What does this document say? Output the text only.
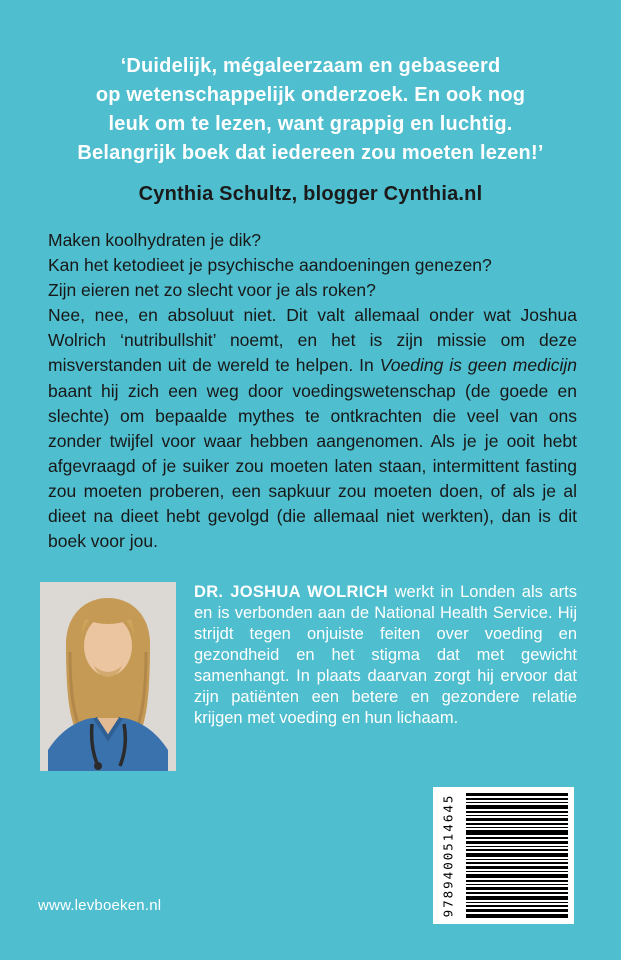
‘Duidelijk, mégaleerzaam en gebaseerd
op wetenschappelijk onderzoek. En ook nog
leuk om te lezen, want grappig en luchtig.
Belangrijk boek dat iedereen zou moeten lezen!’
Cynthia Schultz, blogger Cynthia.nl
Maken koolhydraten je dik?
Kan het ketodieet je psychische aandoeningen genezen?
Zijn eieren net zo slecht voor je als roken?
Nee, nee, en absoluut niet. Dit valt allemaal onder wat Joshua Wolrich ‘nutribullshit’ noemt, en het is zijn missie om deze misverstanden uit de wereld te helpen. In Voeding is geen medicijn baant hij zich een weg door voedingswetenschap (de goede en slechte) om bepaalde mythes te ontkrachten die veel van ons zonder twijfel voor waar hebben aangenomen. Als je je ooit hebt afgevraagd of je suiker zou moeten laten staan, intermittent fasting zou moeten proberen, een sapkuur zou moeten doen, of als je al dieet na dieet hebt gevolgd (die allemaal niet werkten), dan is dit boek voor jou.
DR. JOSHUA WOLRICH werkt in Londen als arts en is verbonden aan de National Health Service. Hij strijdt tegen onjuiste feiten over voeding en gezondheid en het stigma dat met gewicht samenhangt. In plaats daarvan zorgt hij ervoor dat zijn patiënten een betere en gezondere relatie krijgen met voeding en hun lichaam.
www.levboeken.nl	9789400514645
